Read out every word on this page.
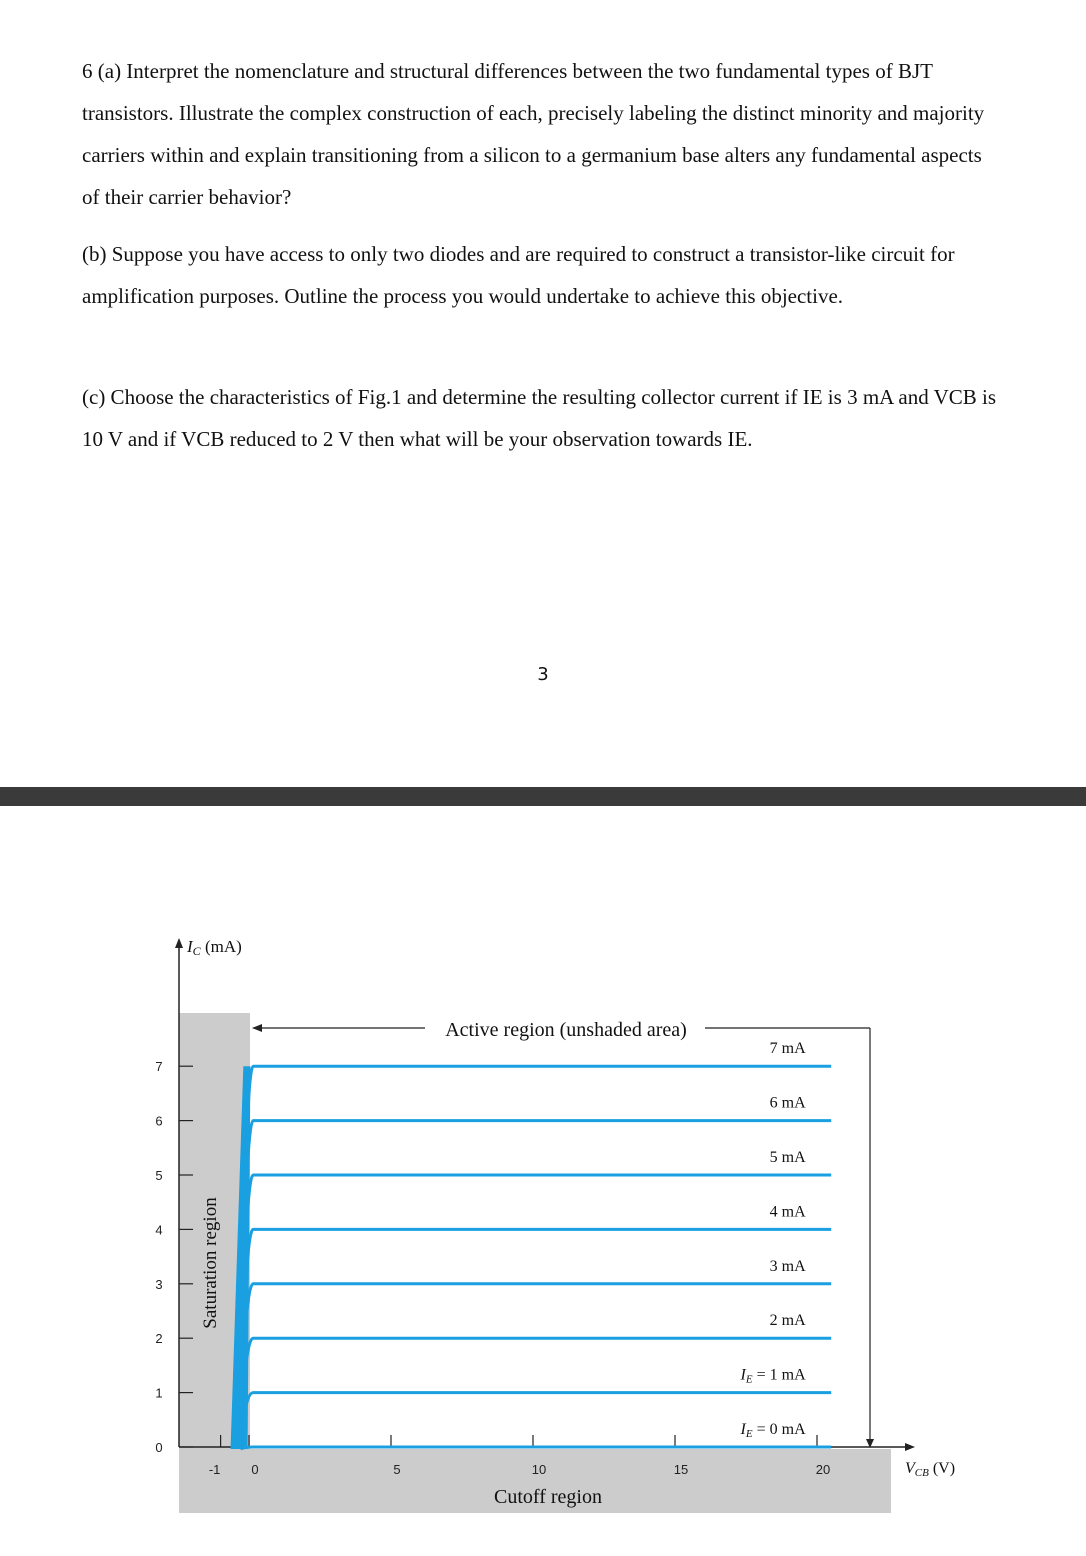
6 (a) Interpret the nomenclature and structural differences between the two fundamental types of BJT transistors. Illustrate the complex construction of each, precisely labeling the distinct minority and majority carriers within and explain transitioning from a silicon to a germanium base alters any fundamental aspects of their carrier behavior?

(b) Suppose you have access to only two diodes and are required to construct a transistor-like circuit for amplification purposes. Outline the process you would undertake to achieve this objective.

(c) Choose the characteristics of Fig.1 and determine the resulting collector current if IE is 3 mA and VCB is 10 V and if VCB reduced to 2 V then what will be your observation towards IE.

3
IC (mA)
VCB (V)
0
1
2
3
4
5
6
7
-1 0	5	10	15	20
IE = 0 mA
IE = 1 mA
2 mA
3 mA
4 mA
5 mA
6 mA
7 mA
Active region (unshaded area)
Saturation region
Cutoff region
